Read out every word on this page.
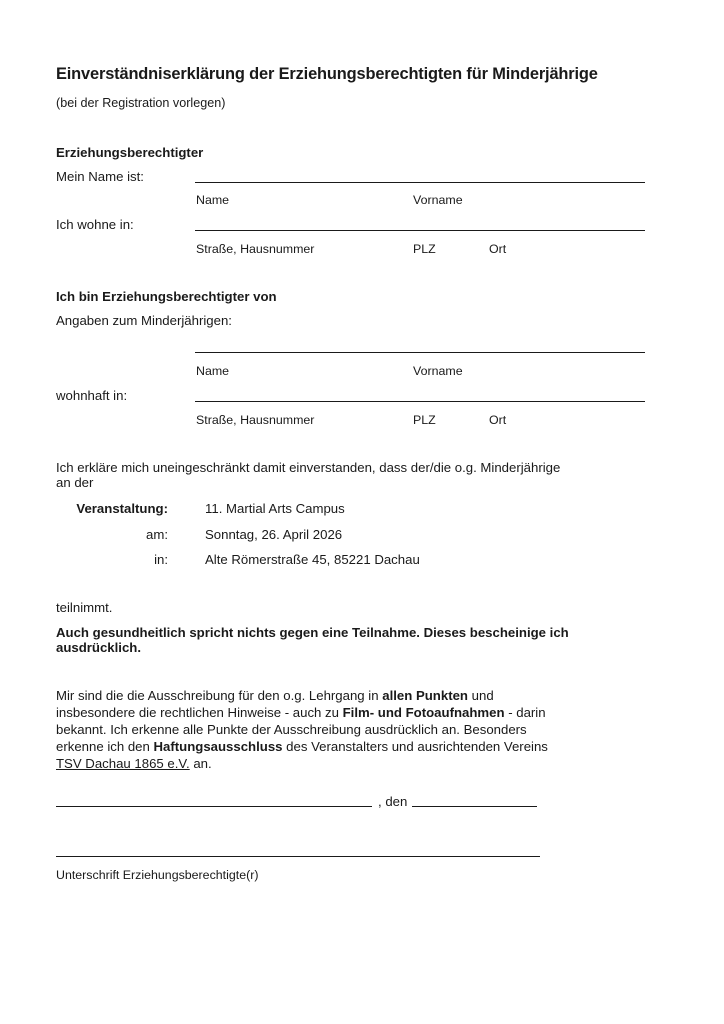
Einverständniserklärung der Erziehungsberechtigten für Minderjährige
(bei der Registration vorlegen)
Erziehungsberechtigter
Mein Name ist:
Name	Vorname
Ich wohne in:
Straße, Hausnummer	PLZ	Ort
Ich bin Erziehungsberechtigter von
Angaben zum Minderjährigen:
Name	Vorname
wohnhaft in:
Straße, Hausnummer	PLZ	Ort
Ich erkläre mich uneingeschränkt damit einverstanden, dass der/die o.g. Minderjährige
an der
Veranstaltung:	11. Martial Arts Campus
am:	Sonntag, 26. April 2026
in:	Alte Römerstraße 45, 85221 Dachau
teilnimmt.
Auch gesundheitlich spricht nichts gegen eine Teilnahme. Dieses bescheinige ich
ausdrücklich.
Mir sind die die Ausschreibung für den o.g. Lehrgang in allen Punkten und
insbesondere die rechtlichen Hinweise - auch zu Film- und Fotoaufnahmen - darin
bekannt. Ich erkenne alle Punkte der Ausschreibung ausdrücklich an. Besonders
erkenne ich den Haftungsausschluss des Veranstalters und ausrichtenden Vereins
TSV Dachau 1865 e.V. an.
, den
Unterschrift Erziehungsberechtigte(r)
